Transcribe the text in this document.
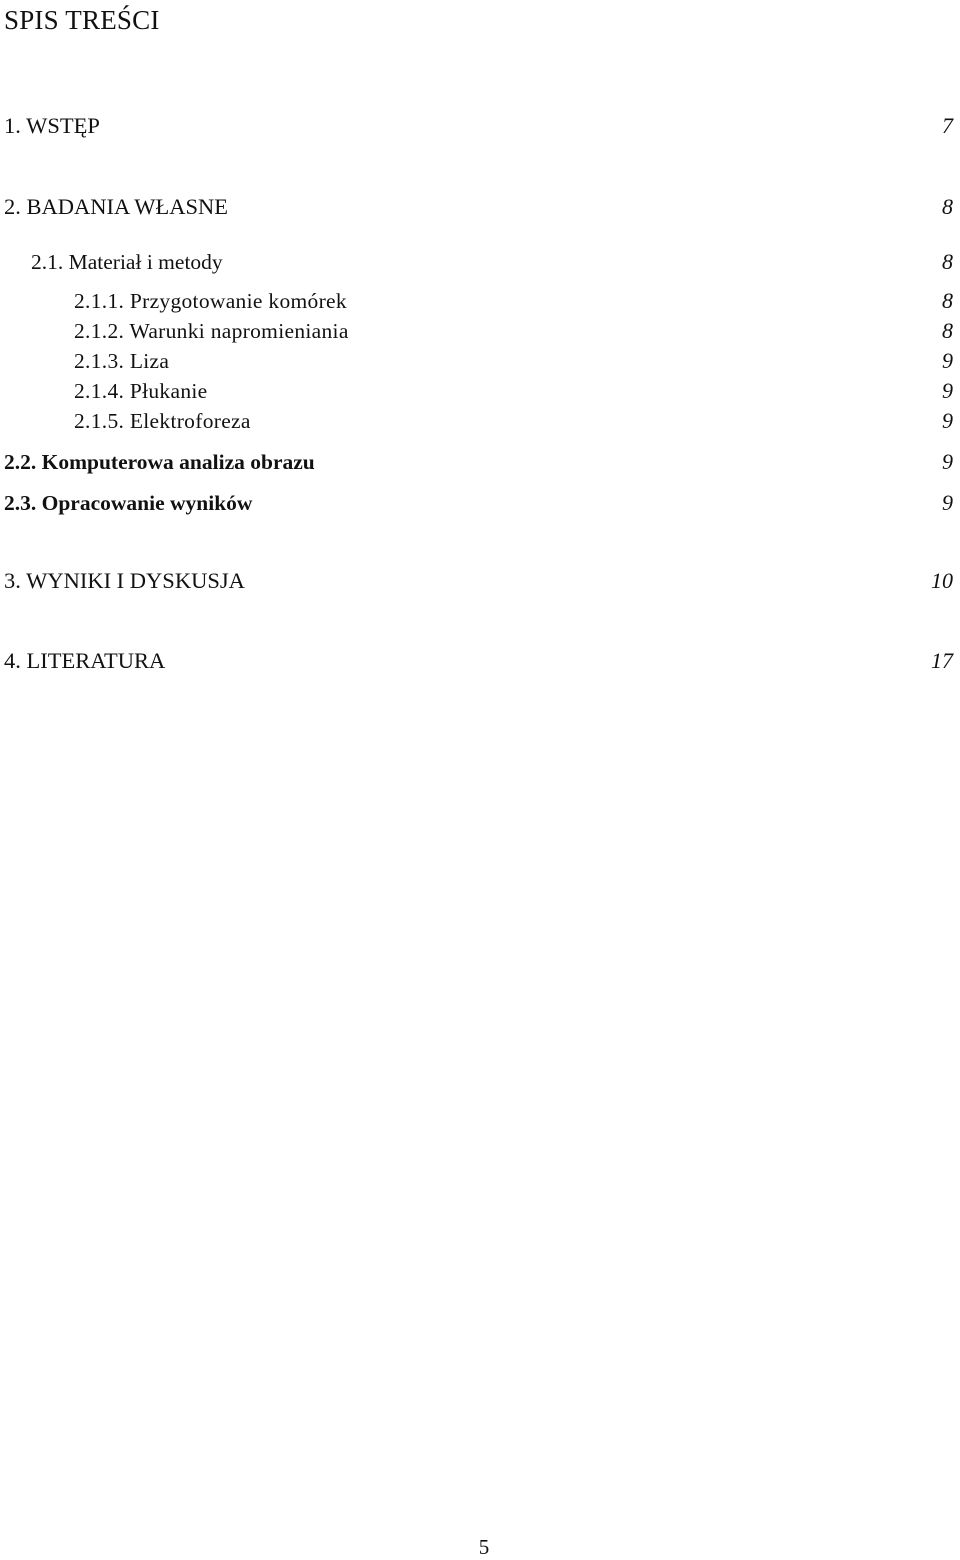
SPIS TREŚCI
1. WSTĘP	7
2. BADANIA WŁASNE	8
2.1. Materiał i metody	8
2.1.1. Przygotowanie komórek	8
2.1.2. Warunki napromieniania	8
2.1.3. Liza	9
2.1.4. Płukanie	9
2.1.5. Elektroforeza	9
2.2. Komputerowa analiza obrazu	9
2.3. Opracowanie wyników	9
3. WYNIKI I DYSKUSJA	10
4. LITERATURA	17
5
